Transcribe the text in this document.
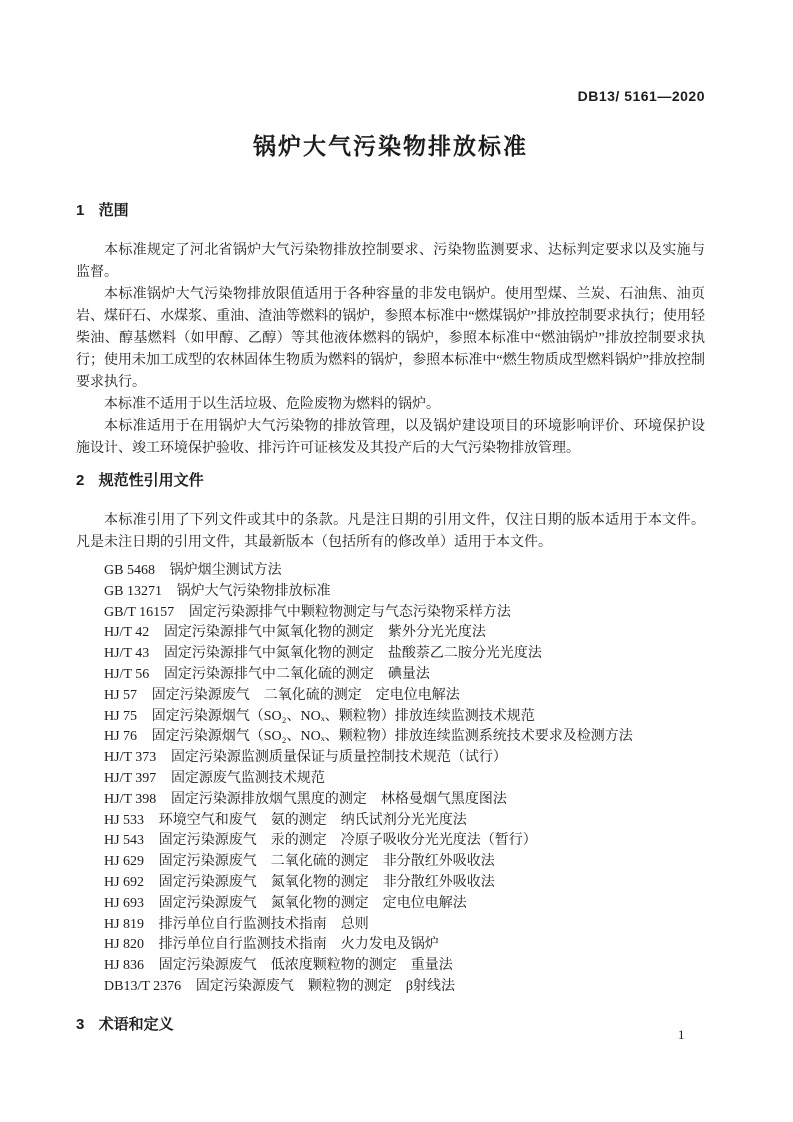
DB13/ 5161—2020
锅炉大气污染物排放标准
1 范围

本标准规定了河北省锅炉大气污染物排放控制要求、污染物监测要求、达标判定要求以及实施与监督。

本标准锅炉大气污染物排放限值适用于各种容量的非发电锅炉。使用型煤、兰炭、石油焦、油页岩、煤矸石、水煤浆、重油、渣油等燃料的锅炉，参照本标准中“燃煤锅炉”排放控制要求执行；使用轻柴油、醇基燃料（如甲醇、乙醇）等其他液体燃料的锅炉，参照本标准中“燃油锅炉”排放控制要求执行；使用未加工成型的农林固体生物质为燃料的锅炉，参照本标准中“燃生物质成型燃料锅炉”排放控制要求执行。

本标准不适用于以生活垃圾、危险废物为燃料的锅炉。

本标准适用于在用锅炉大气污染物的排放管理，以及锅炉建设项目的环境影响评价、环境保护设施设计、竣工环境保护验收、排污许可证核发及其投产后的大气污染物排放管理。

2 规范性引用文件

本标准引用了下列文件或其中的条款。凡是注日期的引用文件，仅注日期的版本适用于本文件。凡是未注日期的引用文件，其最新版本（包括所有的修改单）适用于本文件。

GB 5468 锅炉烟尘测试方法
GB 13271 锅炉大气污染物排放标准
GB/T 16157 固定污染源排气中颗粒物测定与气态污染物采样方法
HJ/T 42 固定污染源排气中氮氧化物的测定　紫外分光光度法
HJ/T 43 固定污染源排气中氮氧化物的测定　盐酸萘乙二胺分光光度法
HJ/T 56 固定污染源排气中二氧化硫的测定　碘量法
HJ 57 固定污染源废气　二氧化硫的测定　定电位电解法
HJ 75 固定污染源烟气（SO₂、NOₓ、颗粒物）排放连续监测技术规范
HJ 76 固定污染源烟气（SO₂、NOₓ、颗粒物）排放连续监测系统技术要求及检测方法
HJ/T 373 固定污染源监测质量保证与质量控制技术规范（试行）
HJ/T 397 固定源废气监测技术规范
HJ/T 398 固定污染源排放烟气黑度的测定　林格曼烟气黑度图法
HJ 533 环境空气和废气　氨的测定　纳氏试剂分光光度法
HJ 543 固定污染源废气　汞的测定　冷原子吸收分光光度法（暂行）
HJ 629 固定污染源废气　二氧化硫的测定　非分散红外吸收法
HJ 692 固定污染源废气　氮氧化物的测定　非分散红外吸收法
HJ 693 固定污染源废气　氮氧化物的测定　定电位电解法
HJ 819 排污单位自行监测技术指南　总则
HJ 820 排污单位自行监测技术指南　火力发电及锅炉
HJ 836 固定污染源废气　低浓度颗粒物的测定　重量法
DB13/T 2376 固定污染源废气　颗粒物的测定　β射线法
3 术语和定义
1
